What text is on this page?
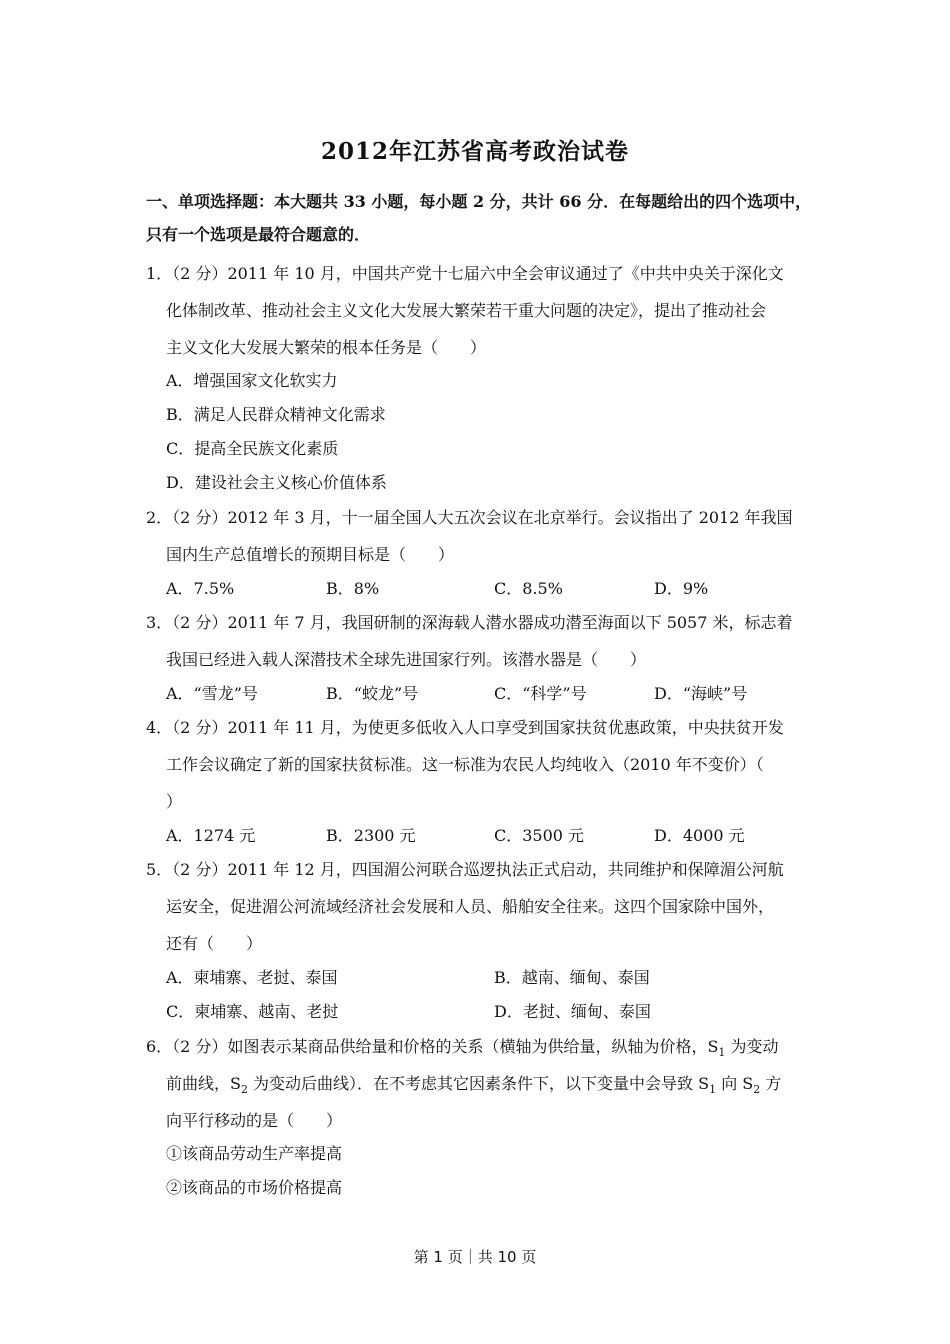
2012年江苏省高考政治试卷
一、单项选择题：本大题共 33 小题，每小题 2 分，共计 66 分．在每题给出的四个选项中，
只有一个选项是最符合题意的．
1．（2 分）2011 年 10 月，中国共产党十七届六中全会审议通过了《中共中央关于深化文
化体制改革、推动社会主义文化大发展大繁荣若干重大问题的决定》，提出了推动社会
主义文化大发展大繁荣的根本任务是（　　）
A．增强国家文化软实力
B．满足人民群众精神文化需求
C．提高全民族文化素质
D．建设社会主义核心价值体系
2．（2 分）2012 年 3 月，十一届全国人大五次会议在北京举行。会议指出了 2012 年我国
国内生产总值增长的预期目标是（　　）
A．7.5%	B．8%	C．8.5%	D．9%
3．（2 分）2011 年 7 月，我国研制的深海载人潜水器成功潜至海面以下 5057 米，标志着
我国已经进入载人深潜技术全球先进国家行列。该潜水器是（　　）
A．“雪龙”号	B．“蛟龙”号	C．“科学”号	D．“海峡”号
4．（2 分）2011 年 11 月，为使更多低收入人口享受到国家扶贫优惠政策，中央扶贫开发
工作会议确定了新的国家扶贫标准。这一标准为农民人均纯收入（2010 年不变价）（
）
A．1274 元	B．2300 元	C．3500 元	D．4000 元
5．（2 分）2011 年 12 月，四国湄公河联合巡逻执法正式启动，共同维护和保障湄公河航
运安全，促进湄公河流域经济社会发展和人员、船舶安全往来。这四个国家除中国外，
还有（　　）
A．柬埔寨、老挝、泰国	B．越南、缅甸、泰国
C．柬埔寨、越南、老挝	D．老挝、缅甸、泰国
6．（2 分）如图表示某商品供给量和价格的关系（横轴为供给量，纵轴为价格，$S_1$ 为变动
前曲线，$S_2$ 为变动后曲线）．在不考虑其它因素条件下，以下变量中会导致 $S_1$ 向 $S_2$ 方
向平行移动的是（　　）
①该商品劳动生产率提高
②该商品的市场价格提高
第 1 页｜共 10 页
